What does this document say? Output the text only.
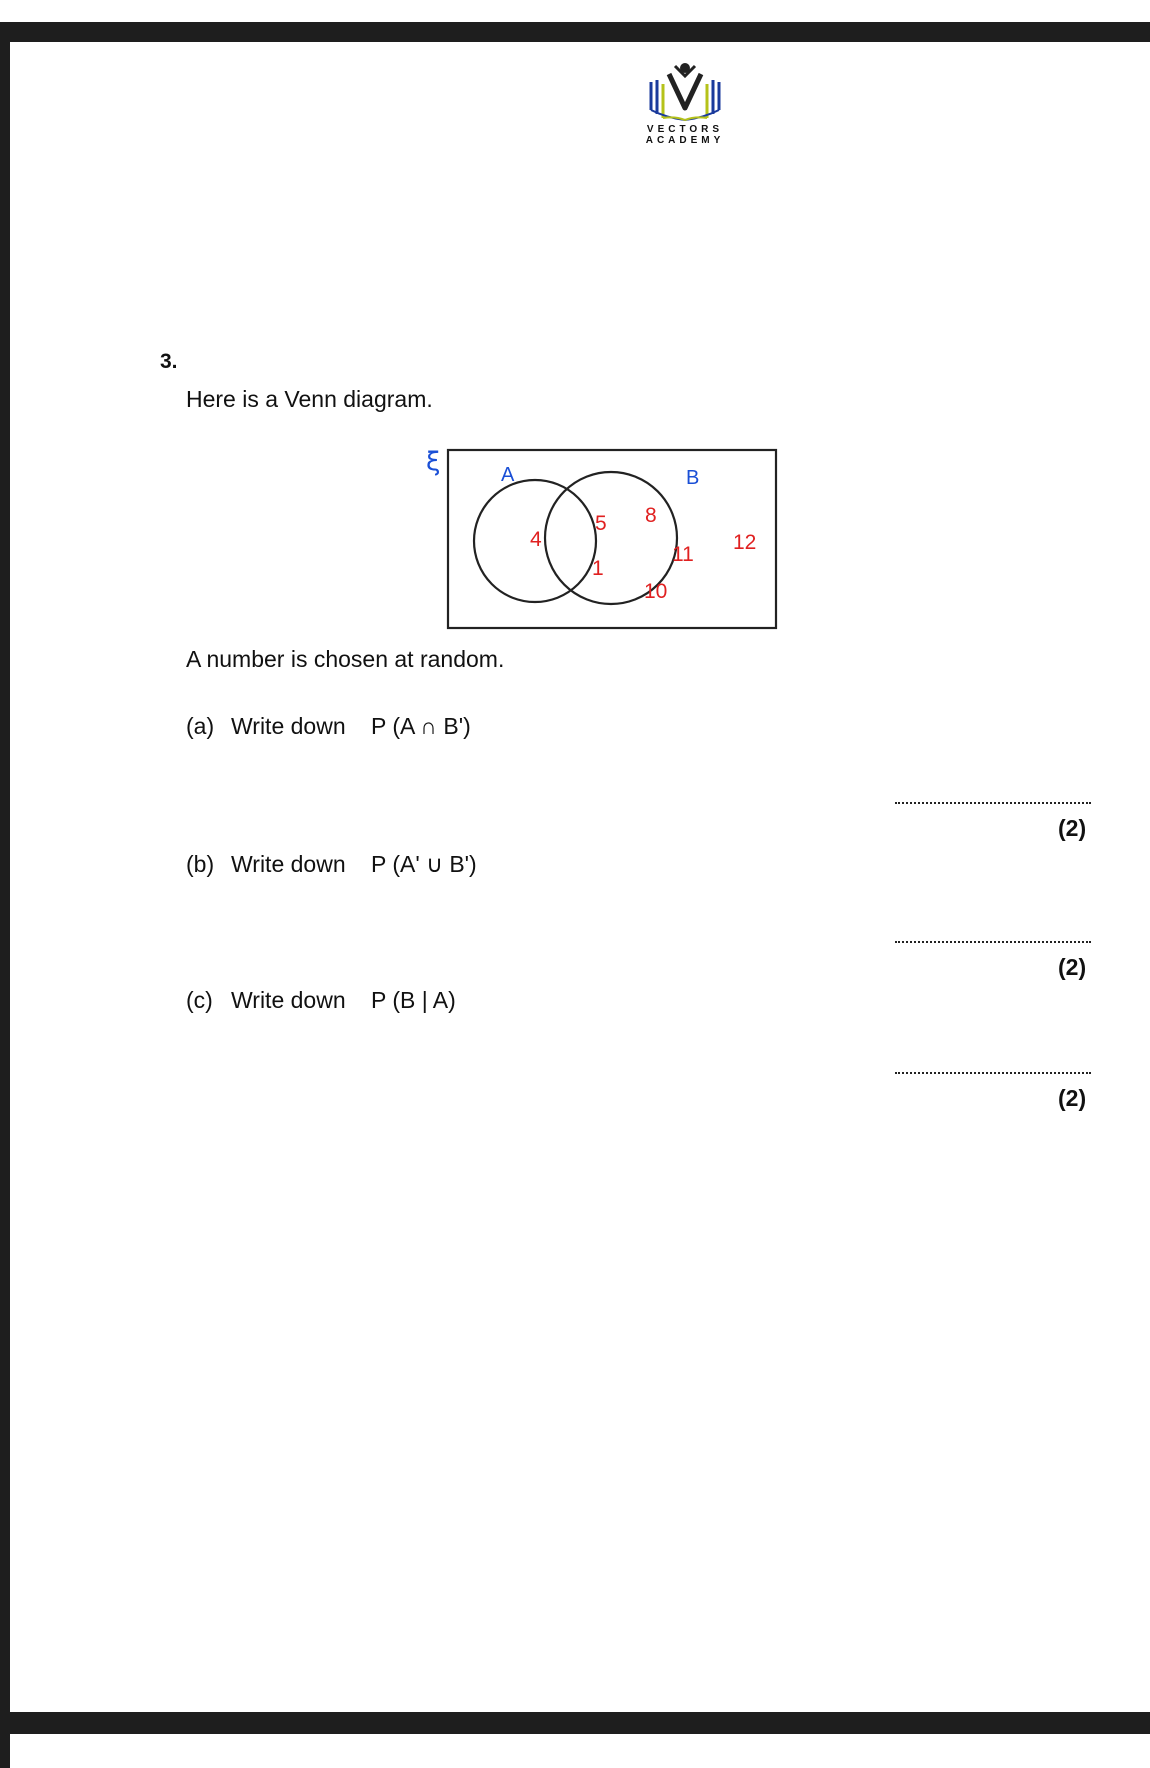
VECTORS
ACADEMY
3.
Here is a Venn diagram.
ξ	A	B
4
5
1
8
11
10
12
A number is chosen at random.
(a) Write down P (A ∩ B')
(2)
(b) Write down P (A' ∪ B')
(2)
(c) Write down P (B | A)
(2)
